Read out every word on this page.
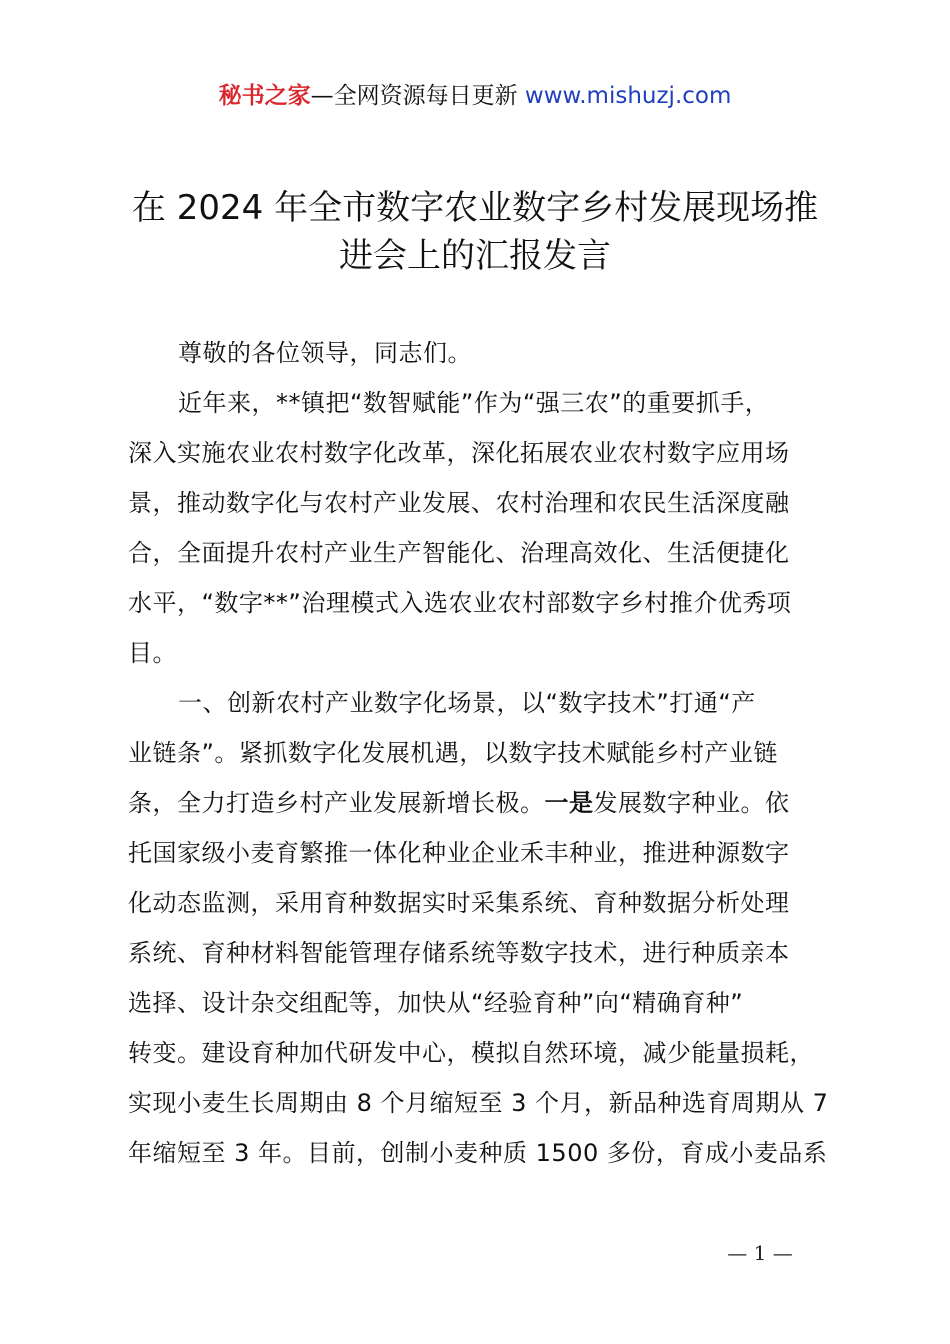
秘书之家—全网资源每日更新 www.mishuzj.com
在 2024 年全市数字农业数字乡村发展现场推
进会上的汇报发言
尊敬的各位领导，同志们。
近年来，**镇把“数智赋能”作为“强三农”的重要抓手，
深入实施农业农村数字化改革，深化拓展农业农村数字应用场
景，推动数字化与农村产业发展、农村治理和农民生活深度融
合，全面提升农村产业生产智能化、治理高效化、生活便捷化
水平，“数字**”治理模式入选农业农村部数字乡村推介优秀项
目。
一、创新农村产业数字化场景，以“数字技术”打通“产
业链条”。紧抓数字化发展机遇，以数字技术赋能乡村产业链
条，全力打造乡村产业发展新增长极。一是发展数字种业。依
托国家级小麦育繁推一体化种业企业禾丰种业，推进种源数字
化动态监测，采用育种数据实时采集系统、育种数据分析处理
系统、育种材料智能管理存储系统等数字技术，进行种质亲本
选择、设计杂交组配等，加快从“经验育种”向“精确育种”
转变。建设育种加代研发中心，模拟自然环境，减少能量损耗，
实现小麦生长周期由 8 个月缩短至 3 个月，新品种选育周期从 7
年缩短至 3 年。目前，创制小麦种质 1500 多份，育成小麦品系
— 1 —
